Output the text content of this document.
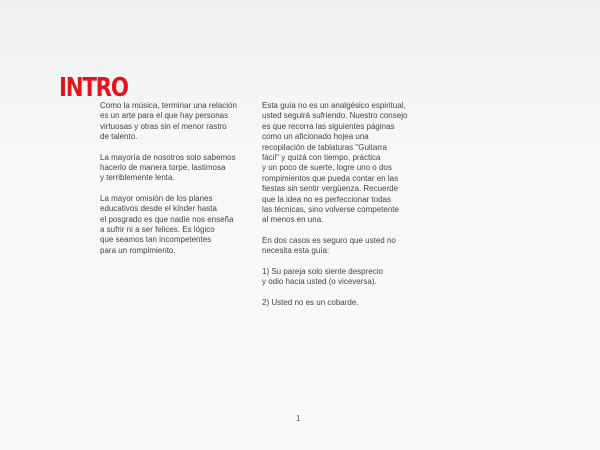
INTRO

Como la música, terminar una relación
es un arte para el que hay personas
virtuosas y otras sin el menor rastro
de talento.

La mayoría de nosotros solo sabemos
hacerlo de manera torpe, lastimosa
y terriblemente lenta.

La mayor omisión de los planes
educativos desde el kínder hasta
el posgrado es que nadie nos enseña
a sufrir ni a ser felices. Es lógico
que seamos tan incompetentes
para un rompimiento.

Esta guía no es un analgésico espiritual,
usted seguirá sufriendo. Nuestro consejo
es que recorra las siguientes páginas
como un aficionado hojea una
recopilación de tablaturas "Guitarra
fácil" y quizá con tiempo, práctica
y un poco de suerte, logre uno o dos
rompimientos que pueda contar en las
fiestas sin sentir vergüenza. Recuerde
que la idea no es perfeccionar todas
las técnicas, sino volverse competente
al menos en una.

En dos casos es seguro que usted no
necesita esta guía:

1) Su pareja solo siente desprecio
y odio hacia usted (o viceversa).

2) Usted no es un cobarde.

1
